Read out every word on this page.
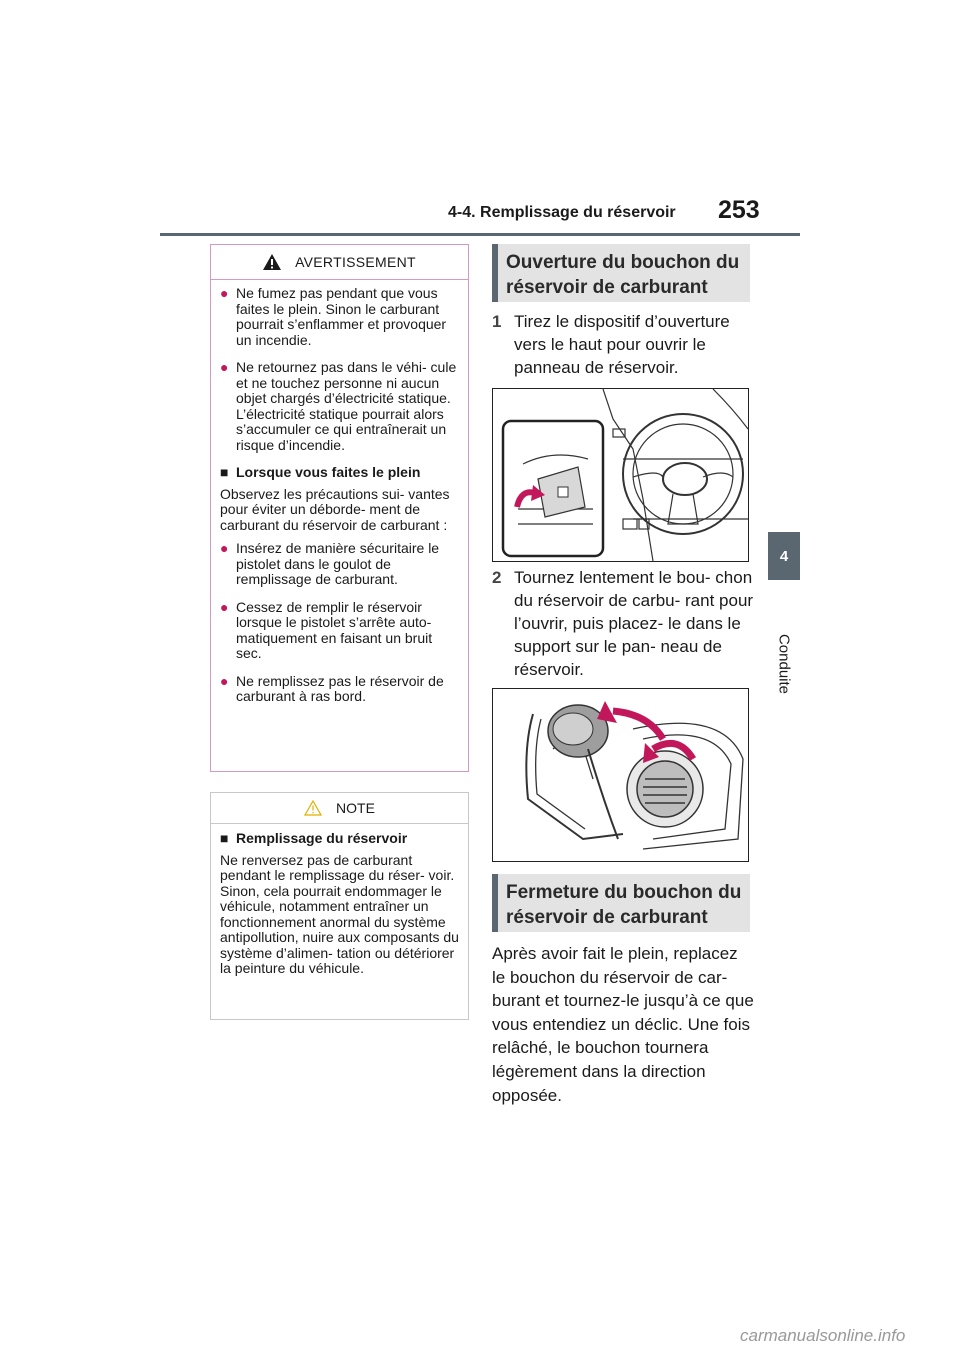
4-4. Remplissage du réservoir 253
4
Conduite
AVERTISSEMENT
● Ne fumez pas pendant que vous faites le plein. Sinon le carburant pourrait s’enflammer et provoquer un incendie.
● Ne retournez pas dans le véhi- cule et ne touchez personne ni aucun objet chargés d’électricité statique. L’électricité statique pourrait alors s’accumuler ce qui entraînerait un risque d’incendie.
■ Lorsque vous faites le plein
Observez les précautions sui- vantes pour éviter un déborde- ment de carburant du réservoir de carburant :
● Insérez de manière sécuritaire le pistolet dans le goulot de remplissage de carburant.
● Cessez de remplir le réservoir lorsque le pistolet s’arrête auto- matiquement en faisant un bruit sec.
● Ne remplissez pas le réservoir de carburant à ras bord.
NOTE
■ Remplissage du réservoir
Ne renversez pas de carburant pendant le remplissage du réser- voir. Sinon, cela pourrait endommager le véhicule, notamment entraîner un fonctionnement anormal du système antipollution, nuire aux composants du système d’alimen- tation ou détériorer la peinture du véhicule.
Ouverture du bouchon du réservoir de carburant
1 Tirez le dispositif d’ouverture vers le haut pour ouvrir le panneau de réservoir.
2 Tournez lentement le bou- chon du réservoir de carbu- rant pour l’ouvrir, puis placez- le dans le support sur le pan- neau de réservoir.
Fermeture du bouchon du réservoir de carburant
Après avoir fait le plein, replacez le bouchon du réservoir de car- burant et tournez-le jusqu’à ce que vous entendiez un déclic. Une fois relâché, le bouchon tournera légèrement dans la direction opposée.
carmanualsonline.info
